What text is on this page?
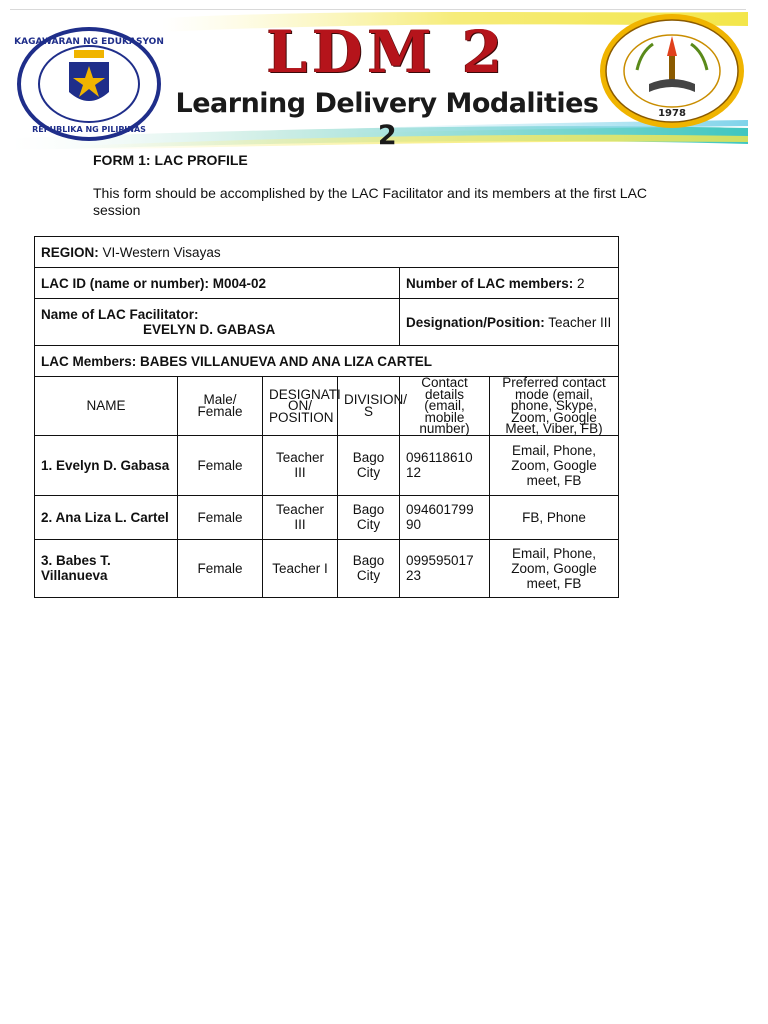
KAGAWARAN NG EDUKASYON
REPUBLIKA NG PILIPINAS
LDM 2
Learning Delivery Modalities 2
1978
FORM 1: LAC PROFILE
This form should be accomplished by the LAC Facilitator and its members at the first LAC session
REGION: VI-Western Visayas					
LAC ID (name or number): M004-02				Number of LAC members: 2	
Name of LAC Facilitator:
EVELYN D. GABASA				Designation/Position: Teacher III	
LAC Members: BABES VILLANUEVA AND ANA LIZA CARTEL					
NAME	Male/ Female	DESIGNATI ON/ POSITION	DIVISION/ S	Contact details (email, mobile number)	Preferred contact mode (email, phone, Skype, Zoom, Google Meet, Viber, FB)
1. Evelyn D. Gabasa	Female	Teacher III	Bago City	096118610 12	Email, Phone, Zoom, Google meet, FB
2. Ana Liza L. Cartel	Female	Teacher III	Bago City	094601799 90	FB, Phone
3. Babes T. Villanueva	Female	Teacher I	Bago City	099595017 23	Email, Phone, Zoom, Google meet, FB
